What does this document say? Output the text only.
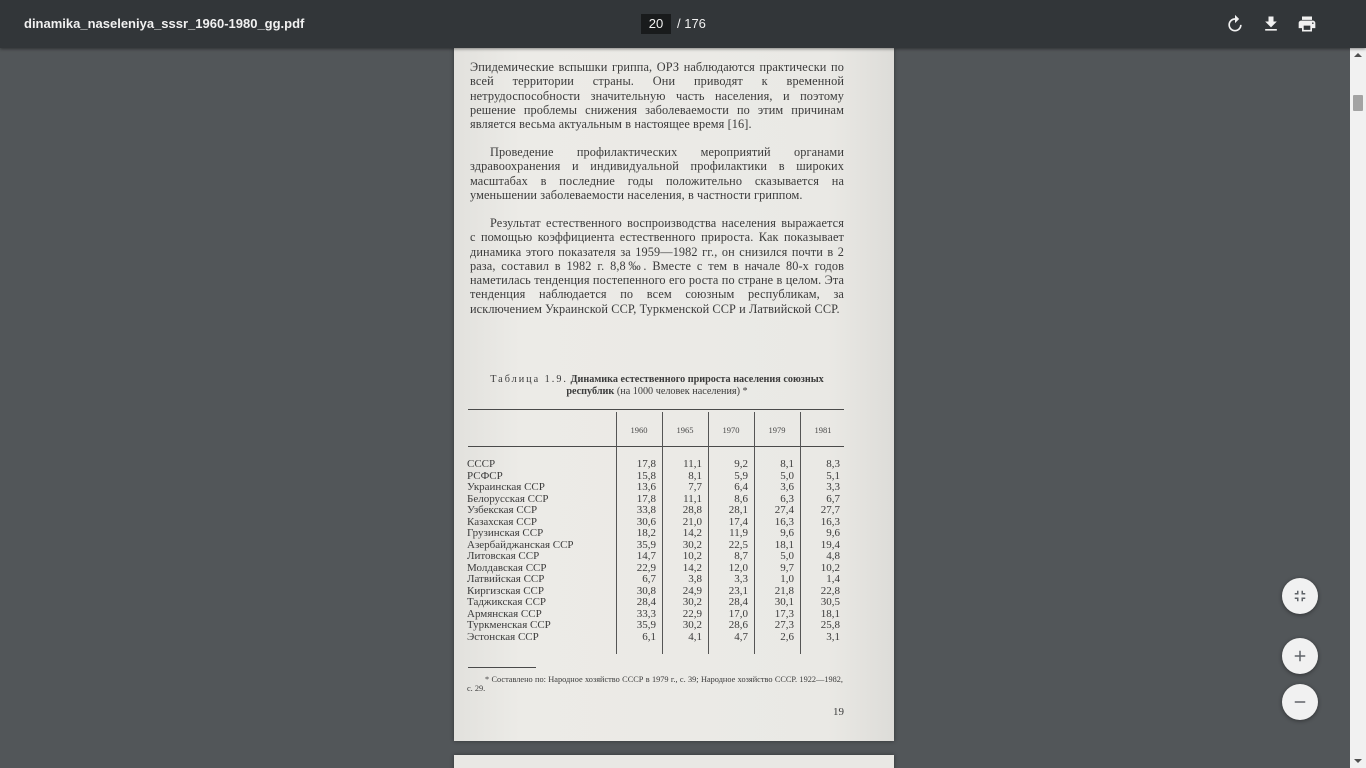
dinamika_naseleniya_sssr_1960-1980_gg.pdf
20	/ 176
Эпидемические вспышки гриппа, ОРЗ наблюдаются практически по всей территории страны. Они приводят к временной нетрудоспособности значительную часть населения, и поэтому решение проблемы снижения заболеваемости по этим причинам является весьма актуальным в настоящее время [16].
Проведение профилактических мероприятий органами здравоохранения и индивидуальной профилактики в широких масштабах в последние годы положительно сказывается на уменьшении заболеваемости населения, в частности гриппом.
Результат естественного воспроизводства населения выражается с помощью коэффициента естественного прироста. Как показывает динамика этого показателя за 1959—1982 гг., он снизился почти в 2 раза, составил в 1982 г. 8,8‰. Вместе с тем в начале 80-х годов наметилась тенденция постепенного его роста по стране в целом. Эта тенденция наблюдается по всем союзным республикам, за исключением Украинской ССР, Туркменской ССР и Латвийской ССР.
Таблица 1.9. Динамика естественного прироста населения союзных республик (на 1000 человек населения) *
1960	1965	1970	1979	1981
СССР	17,8	11,1	9,2	8,1	8,3
РСФСР	15,8	8,1	5,9	5,0	5,1
Украинская ССР	13,6	7,7	6,4	3,6	3,3
Белорусская ССР	17,8	11,1	8,6	6,3	6,7
Узбекская ССР	33,8	28,8	28,1	27,4	27,7
Казахская ССР	30,6	21,0	17,4	16,3	16,3
Грузинская ССР	18,2	14,2	11,9	9,6	9,6
Азербайджанская ССР	35,9	30,2	22,5	18,1	19,4
Литовская ССР	14,7	10,2	8,7	5,0	4,8
Молдавская ССР	22,9	14,2	12,0	9,7	10,2
Латвийская ССР	6,7	3,8	3,3	1,0	1,4
Киргизская ССР	30,8	24,9	23,1	21,8	22,8
Таджикская ССР	28,4	30,2	28,4	30,1	30,5
Армянская ССР	33,3	22,9	17,0	17,3	18,1
Туркменская ССР	35,9	30,2	28,6	27,3	25,8
Эстонская ССР	6,1	4,1	4,7	2,6	3,1
* Составлено по: Народное хозяйство СССР в 1979 г., с. 39; Народное хозяйство СССР. 1922—1982, с. 29.
19
